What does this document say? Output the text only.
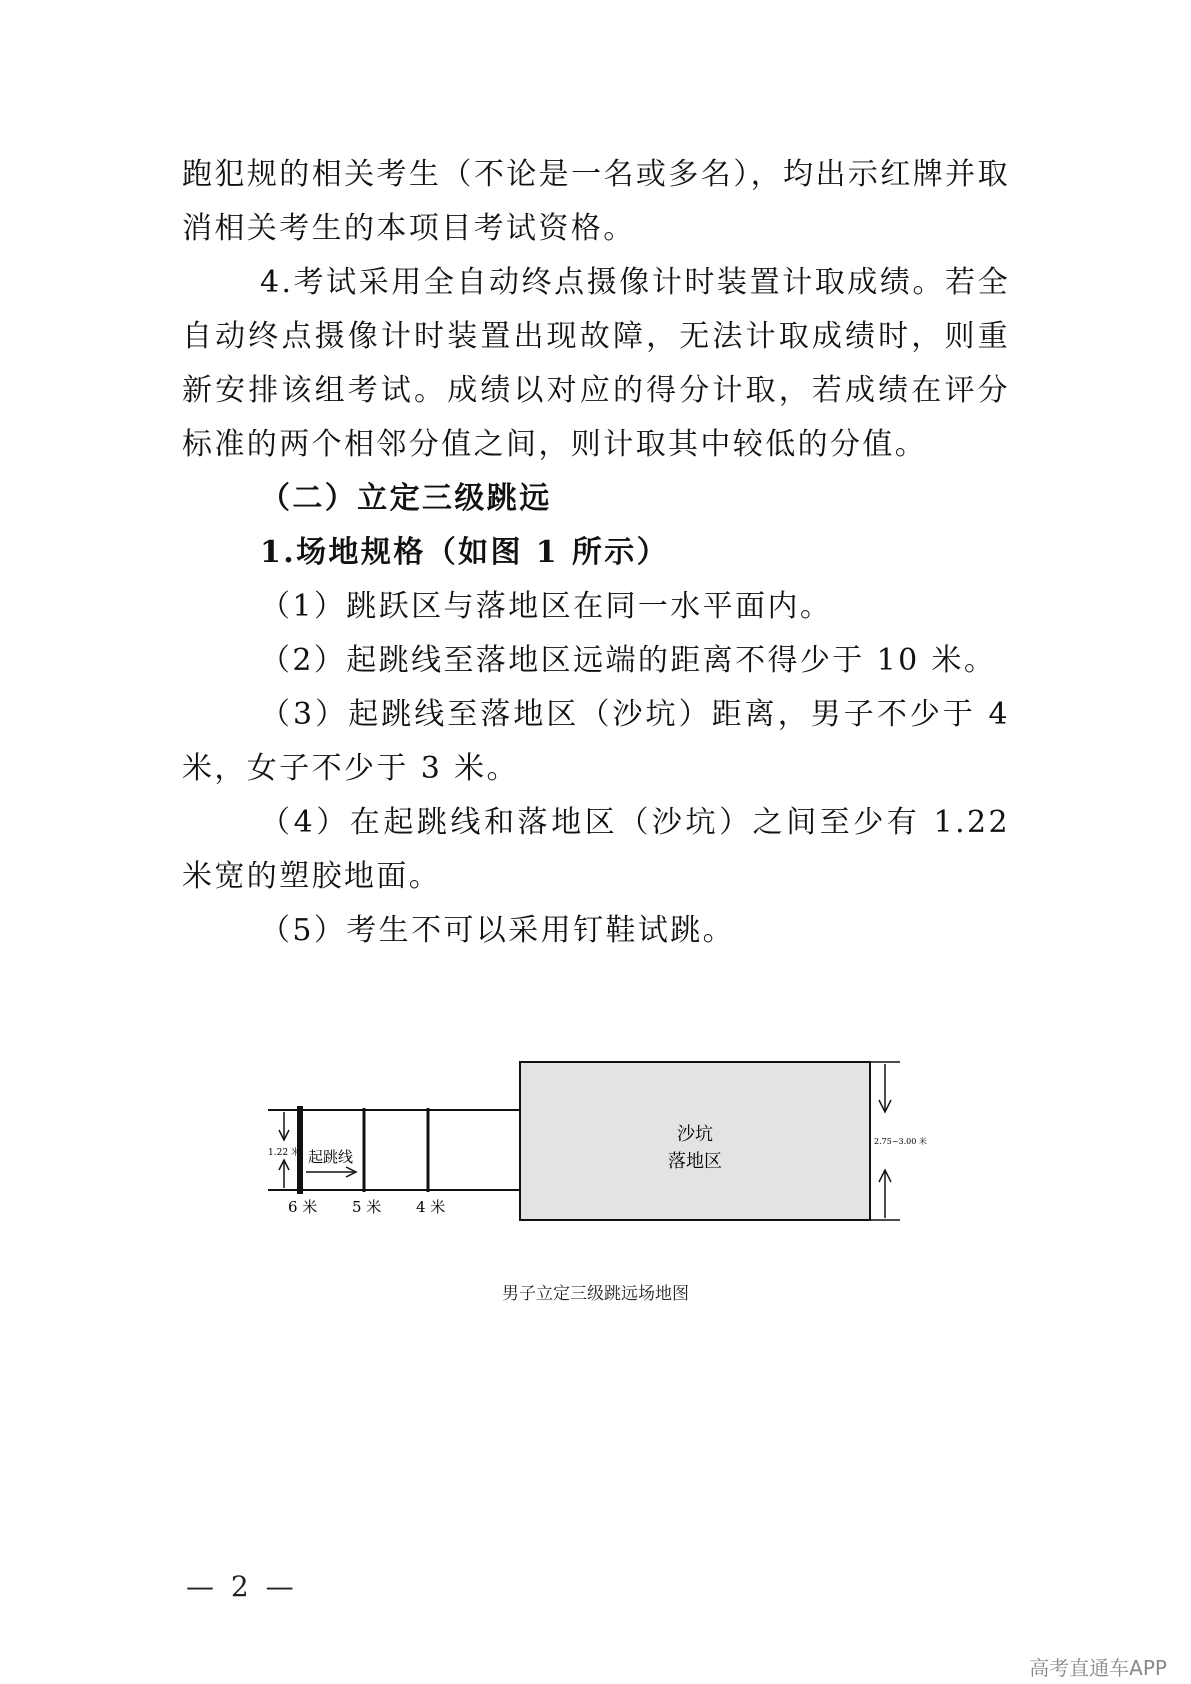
跑犯规的相关考生（不论是一名或多名），均出示红牌并取消相关考生的本项目考试资格。

4.考试采用全自动终点摄像计时装置计取成绩。若全自动终点摄像计时装置出现故障，无法计取成绩时，则重新安排该组考试。成绩以对应的得分计取，若成绩在评分标准的两个相邻分值之间，则计取其中较低的分值。

（二）立定三级跳远

1.场地规格（如图 1 所示）

（1）跳跃区与落地区在同一水平面内。

（2）起跳线至落地区远端的距离不得少于 10 米。

（3）起跳线至落地区（沙坑）距离，男子不少于 4 米，女子不少于 3 米。

（4）在起跳线和落地区（沙坑）之间至少有 1.22 米宽的塑胶地面。

（5）考生不可以采用钉鞋试跳。

1.22 米 起跳线
沙坑
落地区
2.75~3.00 米
6 米 5 米 4 米
男子立定三级跳远场地图
— 2 —
高考直通车APP
